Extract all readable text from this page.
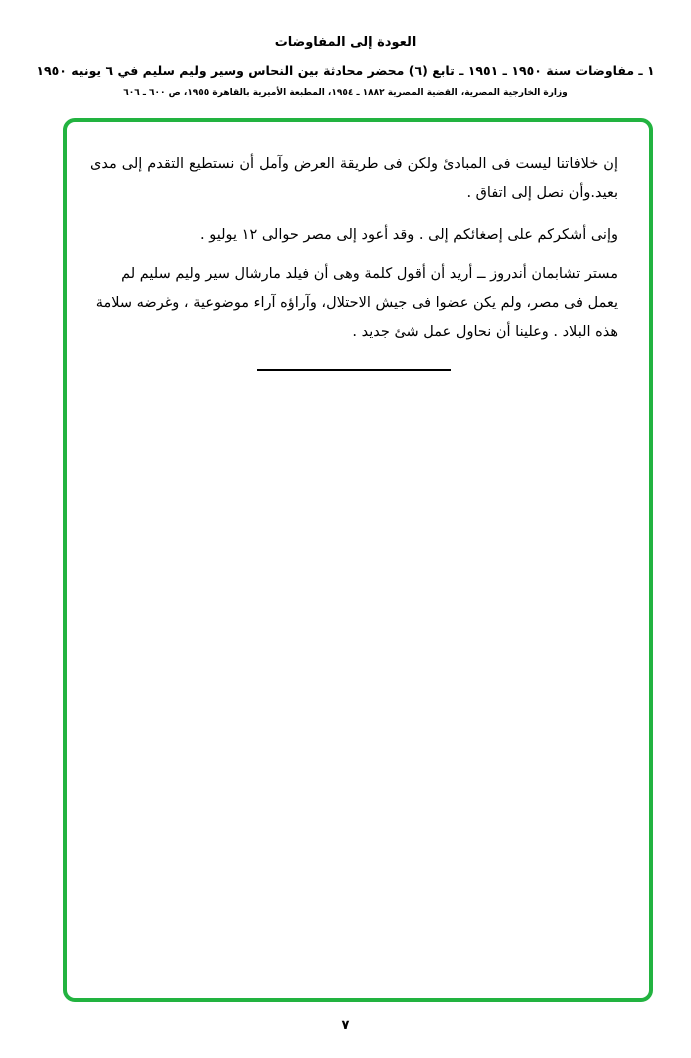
العودة إلى المفاوضات
١ ـ مفاوضات سنة ١٩٥٠ ـ ١٩٥١ ـ تابع (٦) محضر محادثة بين النحاس وسير وليم سليم في ٦ يونيه ١٩٥٠
وزارة الخارجية المصرية، القضية المصرية ١٨٨٢ ـ ١٩٥٤، المطبعة الأميرية بالقاهرة ١٩٥٥، ص ٦٠٠ ـ ٦٠٦

إن خلافاتنا ليست فى المبادئ ولكن فى طريقة العرض وآمل أن نستطيع التقدم إلى مدى بعيد.وأن نصل إلى اتفاق .

وإنى أشكركم على إصغائكم إلى . وقد أعود إلى مصر حوالى ١٢ يوليو .

مستر تشابمان أندروز ــ أريد أن أقول كلمة وهى أن فيلد مارشال سير وليم سليم لم يعمل فى مصر، ولم يكن عضوا فى جيش الاحتلال، وآراؤه آراء موضوعية ، وغرضه سلامة هذه البلاد . وعلينا أن نحاول عمل شئ جديد .

٧
